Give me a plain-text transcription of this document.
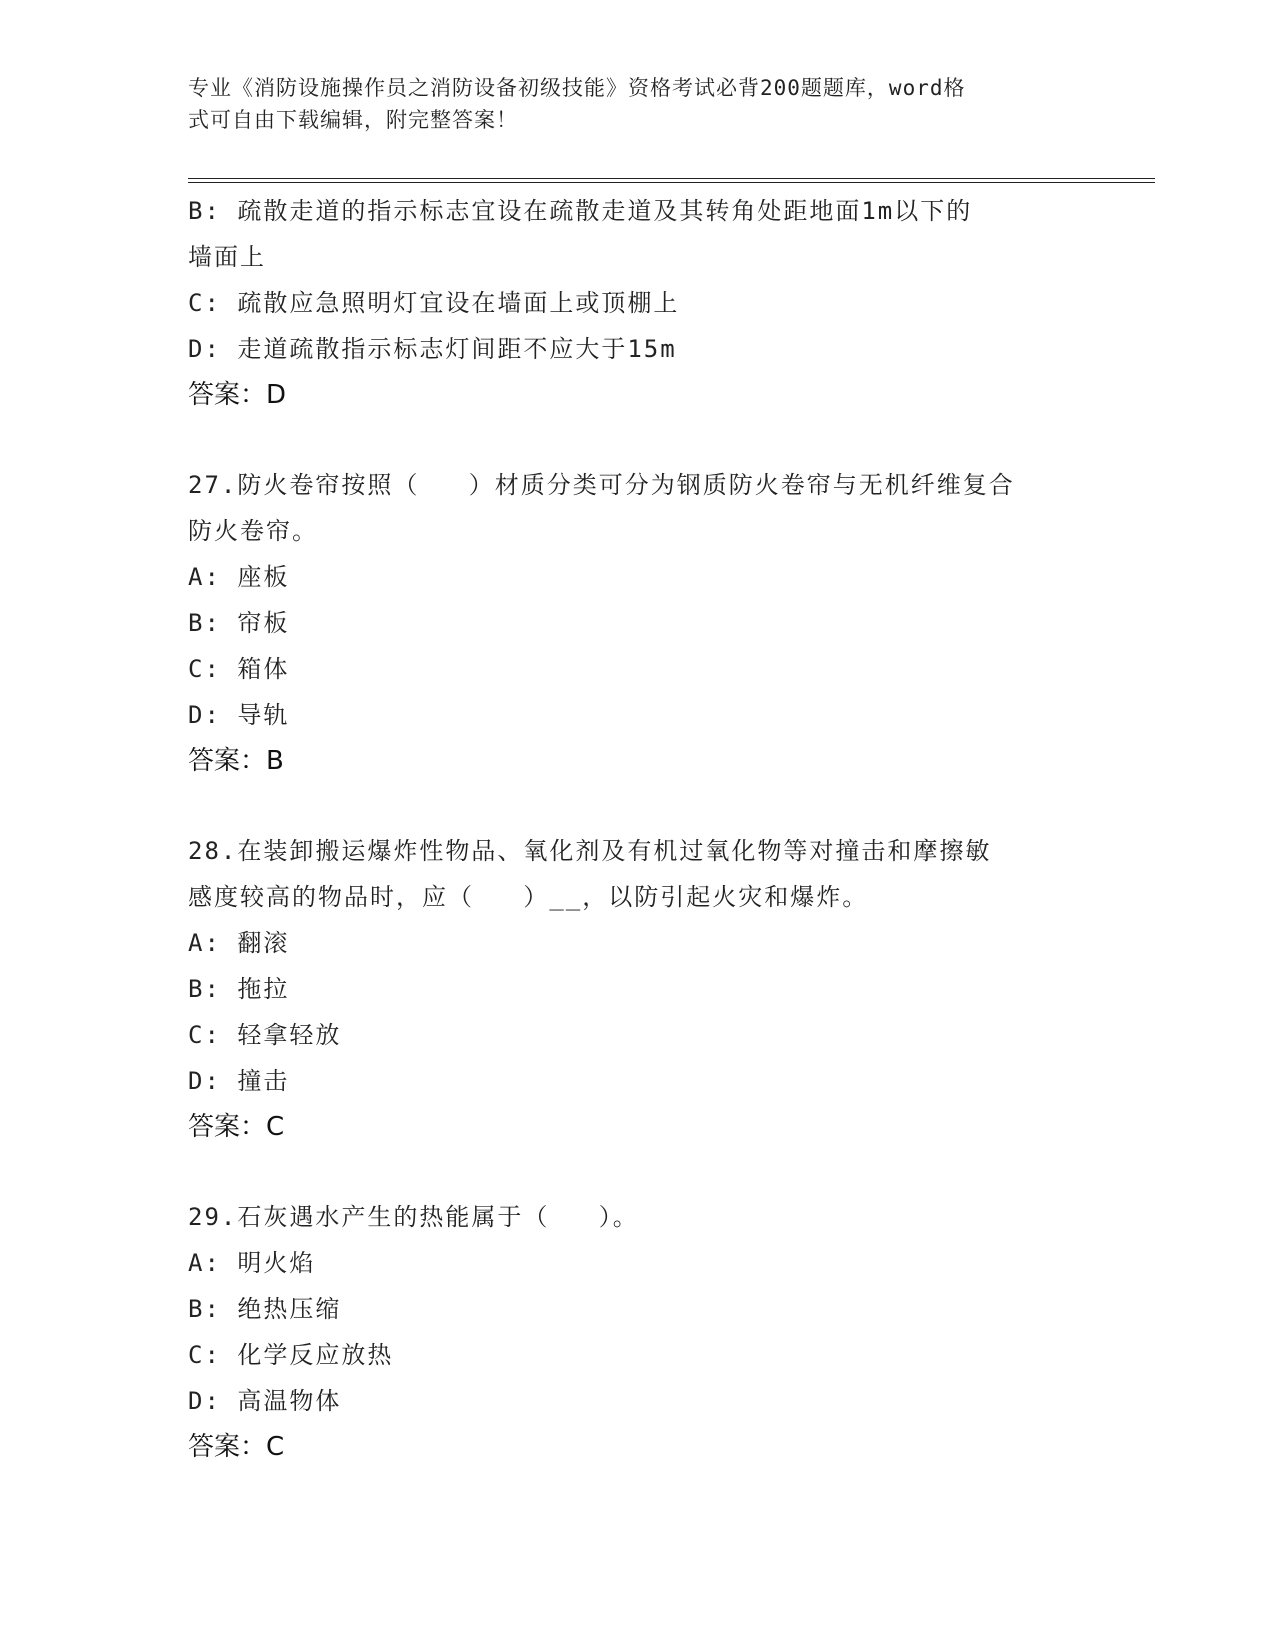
专业《消防设施操作员之消防设备初级技能》资格考试必背200题题库，word格
式可自由下载编辑，附完整答案！
B: 疏散走道的指示标志宜设在疏散走道及其转角处距地面1m以下的
墙面上
C: 疏散应急照明灯宜设在墙面上或顶棚上
D: 走道疏散指示标志灯间距不应大于15m
答案：D
27.防火卷帘按照（   ）材质分类可分为钢质防火卷帘与无机纤维复合
防火卷帘。
A: 座板
B: 帘板
C: 箱体
D: 导轨
答案：B
28.在装卸搬运爆炸性物品、氧化剂及有机过氧化物等对撞击和摩擦敏
感度较高的物品时，应（   ）__，以防引起火灾和爆炸。
A: 翻滚
B: 拖拉
C: 轻拿轻放
D: 撞击
答案：C
29.石灰遇水产生的热能属于（   ）。
A: 明火焰
B: 绝热压缩
C: 化学反应放热
D: 高温物体
答案：C
